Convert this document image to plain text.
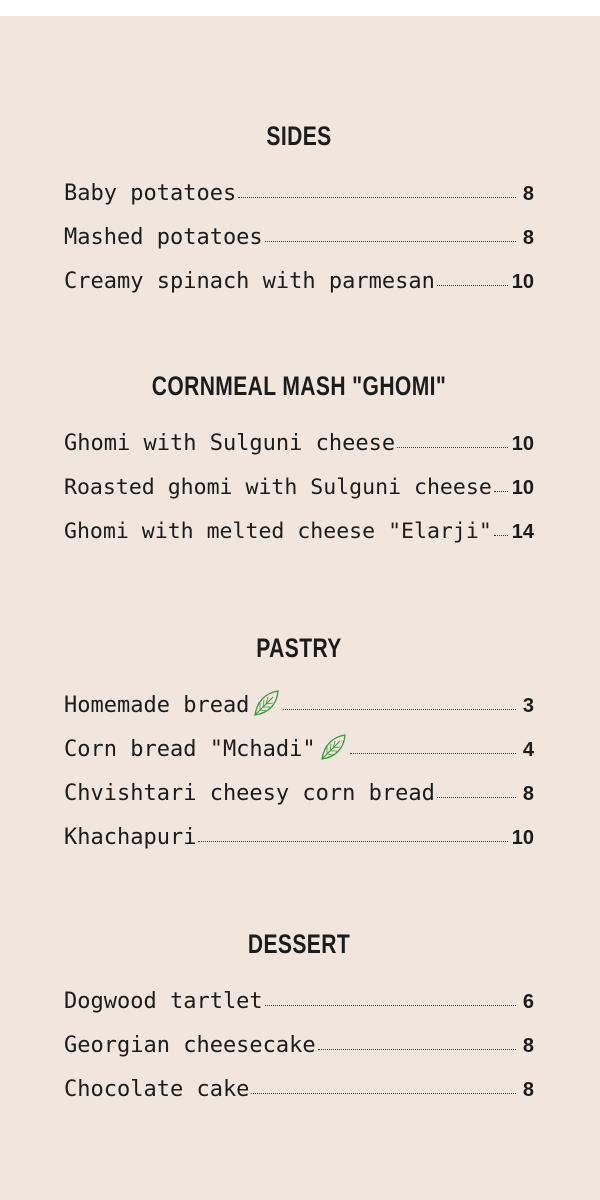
SIDES
Baby potatoes	8
Mashed potatoes	8
Creamy spinach with parmesan	10
CORNMEAL MASH "GHOMI"
Ghomi with Sulguni cheese	10
Roasted ghomi with Sulguni cheese 10
Ghomi with melted cheese "Elarji" 14
PASTRY
Homemade bread	3
Corn bread "Mchadi"	4
Chvishtari cheesy corn bread	8
Khachapuri	10
DESSERT
Dogwood tartlet	6
Georgian cheesecake	8
Chocolate cake	8
